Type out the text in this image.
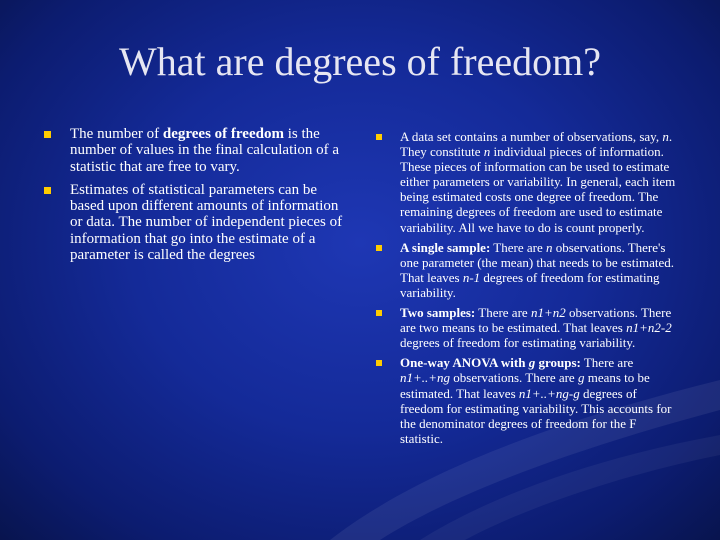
What are degrees of freedom?
The number of degrees of freedom is the number of values in the final calculation of a statistic that are free to vary.
Estimates of statistical parameters can be based upon different amounts of information or data. The number of independent pieces of information that go into the estimate of a parameter is called the degrees
A data set contains a number of observations, say, n. They constitute n individual pieces of information. These pieces of information can be used to estimate either parameters or variability. In general, each item being estimated costs one degree of freedom. The remaining degrees of freedom are used to estimate variability. All we have to do is count properly.
A single sample: There are n observations. There's one parameter (the mean) that needs to be estimated. That leaves n-1 degrees of freedom for estimating variability.
Two samples: There are n1+n2 observations. There are two means to be estimated. That leaves n1+n2-2 degrees of freedom for estimating variability.
One-way ANOVA with g groups: There are n1+..+ng observations. There are g means to be estimated. That leaves n1+..+ng-g degrees of freedom for estimating variability. This accounts for the denominator degrees of freedom for the F statistic.
